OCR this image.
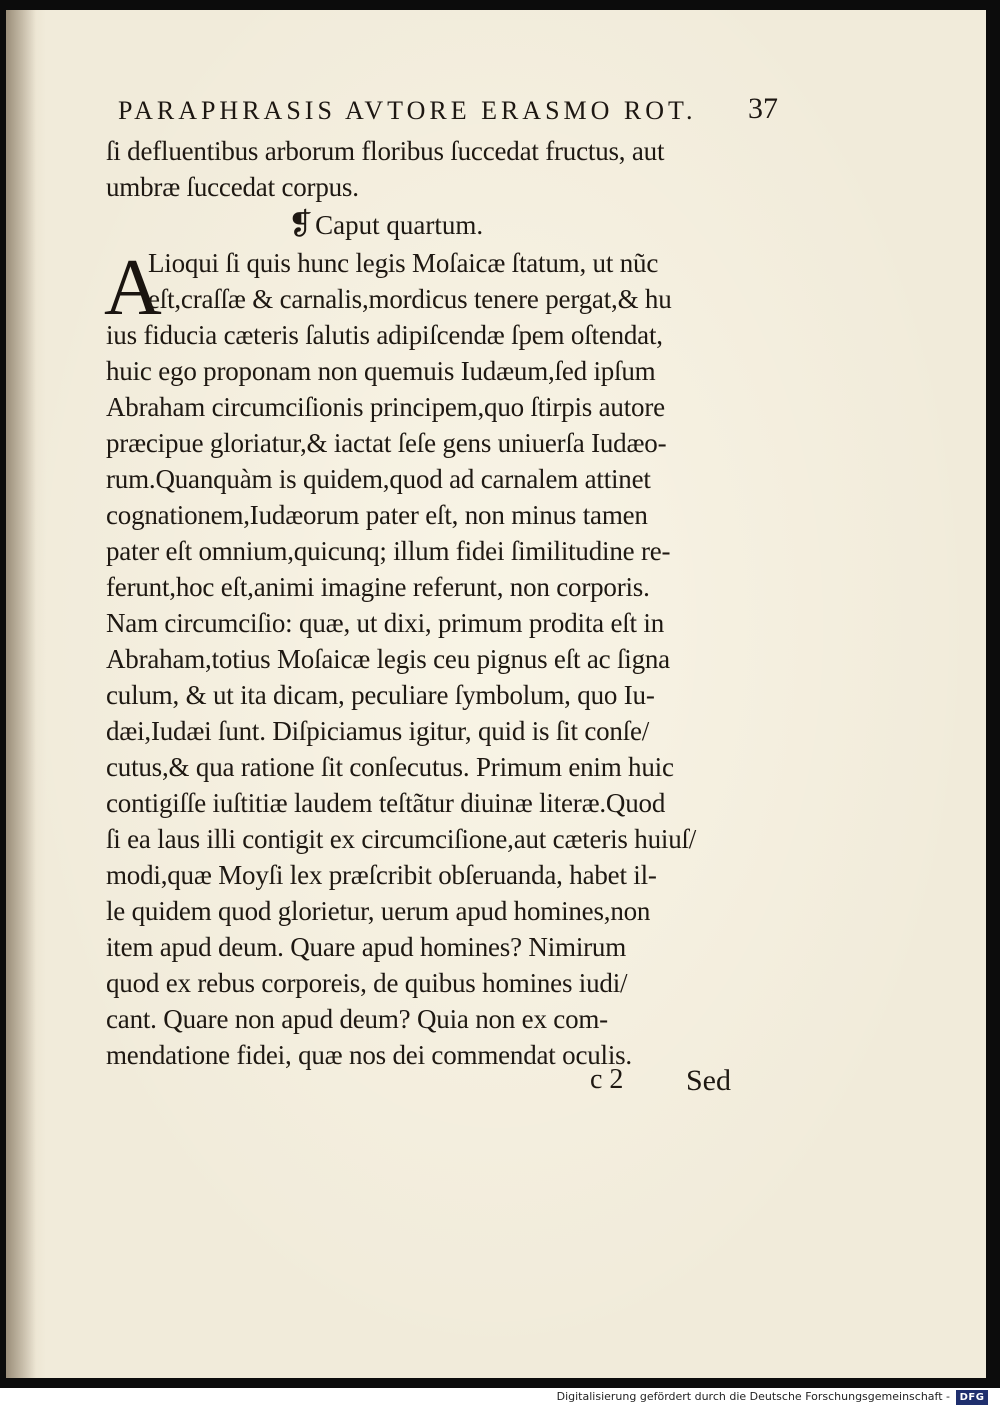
PARAPHRASIS AVTORE ERASMO ROT.	37
ſi defluentibus arborum floribus ſuccedat fructus, aut
umbræ ſuccedat corpus.
❡Caput quartum.
A
Lioqui ſi quis hunc legis Moſaicæ ſtatum, ut nũc
eſt,craſſæ & carnalis,mordicus tenere pergat,& hu
ius fiducia cæteris ſalutis adipiſcendæ ſpem oſtendat,
huic ego proponam non quemuis Iudæum,ſed ipſum
Abraham circumciſionis principem,quo ſtirpis autore
præcipue gloriatur,& iactat ſeſe gens uniuerſa Iudæo-
rum.Quanquàm is quidem,quod ad carnalem attinet
cognationem,Iudæorum pater eſt, non minus tamen
pater eſt omnium,quicunq; illum fidei ſimilitudine re-
ferunt,hoc eſt,animi imagine referunt, non corporis.
Nam circumciſio: quæ, ut dixi, primum prodita eſt in
Abraham,totius Moſaicæ legis ceu pignus eſt ac ſigna
culum, & ut ita dicam, peculiare ſymbolum, quo Iu-
dæi,Iudæi ſunt. Diſpiciamus igitur, quid is ſit conſe/
cutus,& qua ratione ſit conſecutus. Primum enim huic
contigiſſe iuſtitiæ laudem teſtãtur diuinæ literæ.Quod
ſi ea laus illi contigit ex circumciſione,aut cæteris huiuſ/
modi,quæ Moyſi lex præſcribit obſeruanda, habet il-
le quidem quod glorietur, uerum apud homines,non
item apud deum. Quare apud homines? Nimirum
quod ex rebus corporeis, de quibus homines iudi/
cant. Quare non apud deum? Quia non ex com-
mendatione fidei, quæ nos dei commendat oculis.
c 2 Sed
Digitalisierung gefördert durch die Deutsche Forschungsgemeinschaft - DFG
